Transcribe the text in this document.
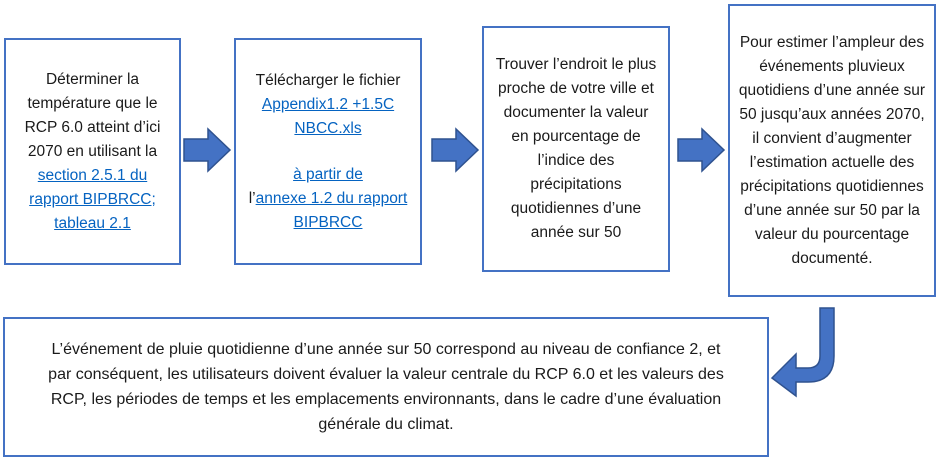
Déterminer la température que le RCP 6.0 atteint d’ici 2070 en utilisant la section 2.5.1 du rapport BIPBRCC; tableau 2.1

Télécharger le fichier

Appendix1.2 +1.5C NBCC.xls

à partir de

l’annexe 1.2 du rapport BIPBRCC

Trouver l’endroit le plus proche de votre ville et documenter la valeur en pourcentage de l’indice des précipitations quotidiennes d’une année sur 50

Pour estimer l’ampleur des événements pluvieux quotidiens d’une année sur 50 jusqu’aux années 2070, il convient d’augmenter l’estimation actuelle des précipitations quotidiennes d’une année sur 50 par la valeur du pourcentage documenté.

L’événement de pluie quotidienne d’une année sur 50 correspond au niveau de confiance 2, et par conséquent, les utilisateurs doivent évaluer la valeur centrale du RCP 6.0 et les valeurs des RCP, les périodes de temps et les emplacements environnants, dans le cadre d’une évaluation générale du climat.
